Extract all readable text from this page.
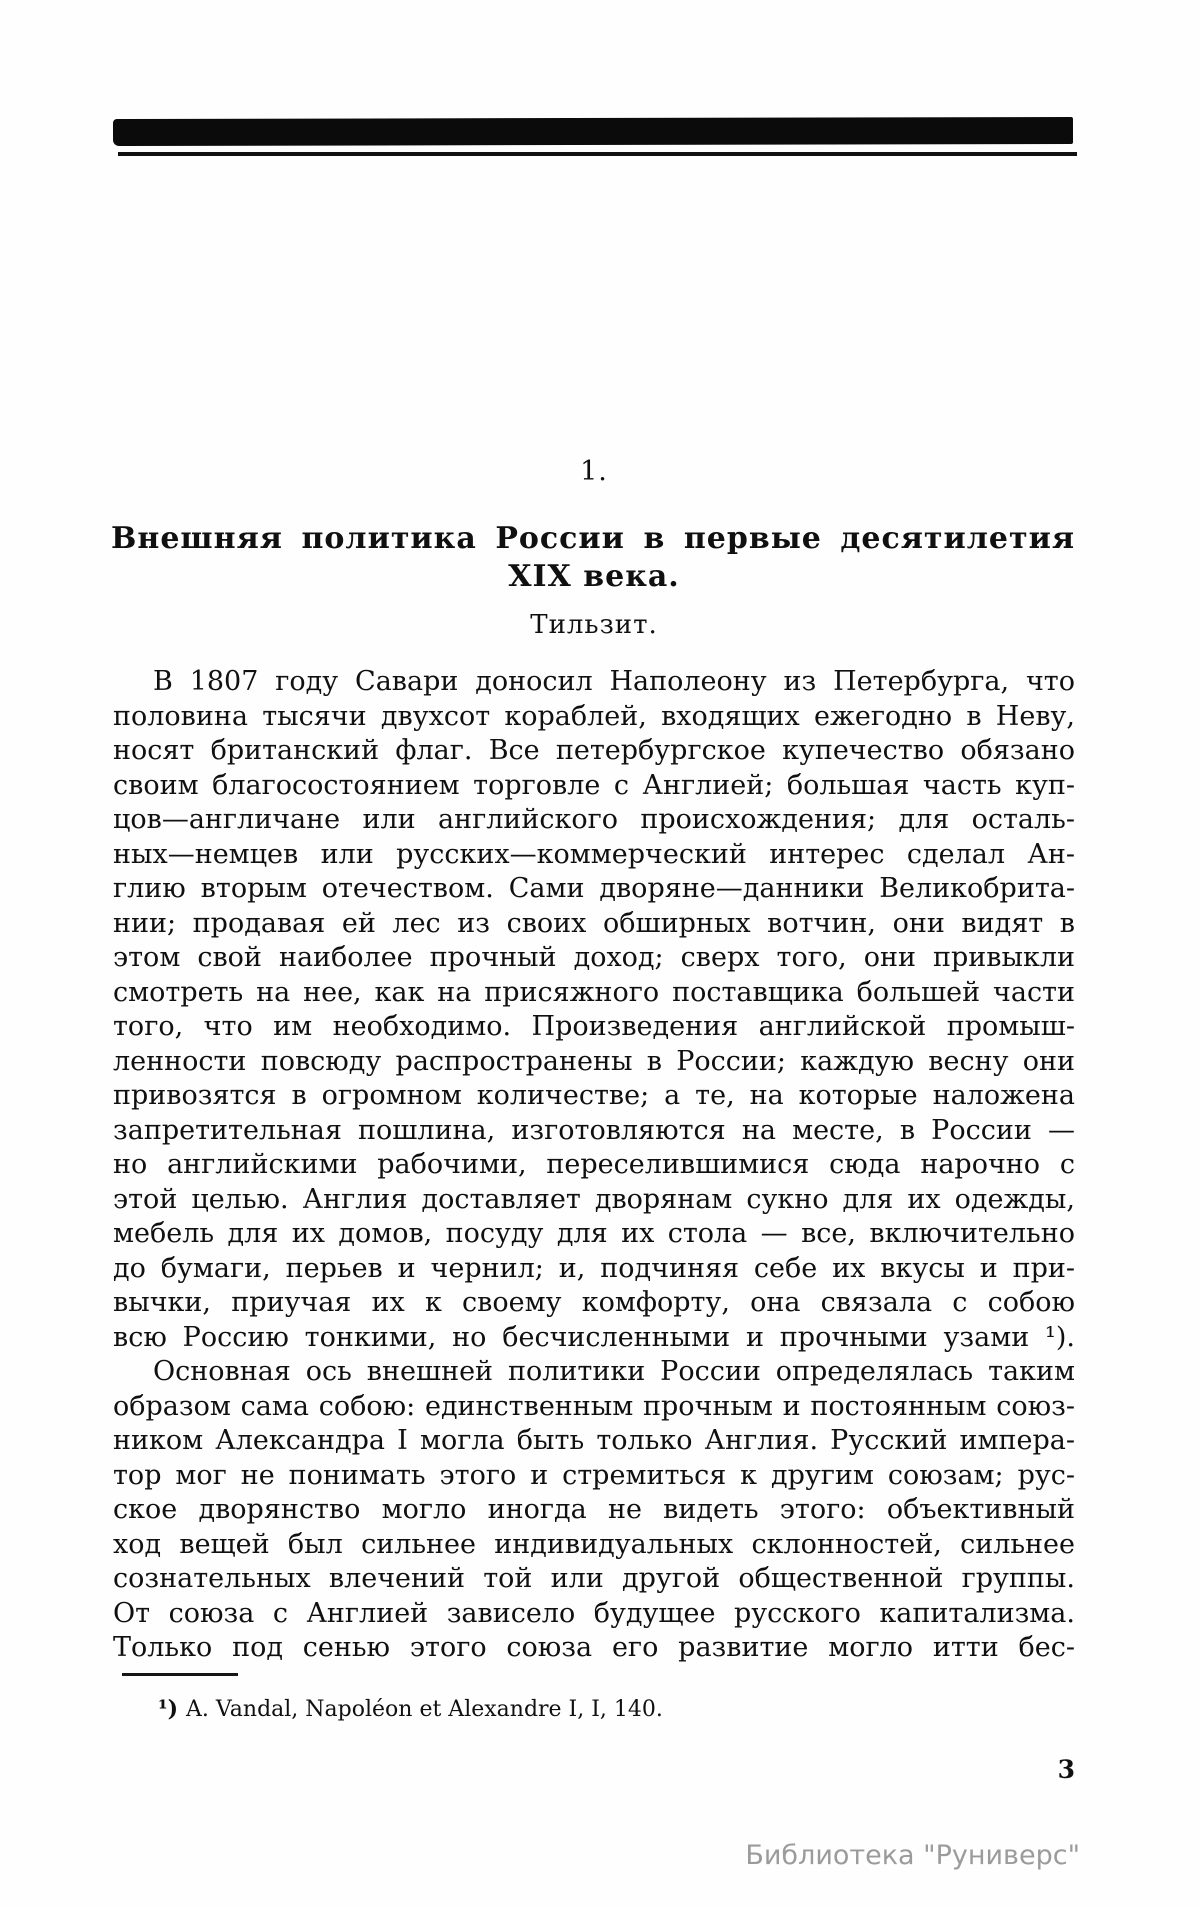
1.
Внешняя политика России в первые десятилетия
XIX века.
Тильзит.
В 1807 году Савари доносил Наполеону из Петербурга, что
половина тысячи двухсот кораблей, входящих ежегодно в Неву,
носят британский флаг. Все петербургское купечество обязано
своим благосостоянием торговле с Англией; большая часть куп-
цов—англичане или английского происхождения; для осталь-
ных—немцев или русских—коммерческий интерес сделал Ан-
глию вторым отечеством. Сами дворяне—данники Великобрита-
нии; продавая ей лес из своих обширных вотчин, они видят в
этом свой наиболее прочный доход; сверх того, они привыкли
смотреть на нее, как на присяжного поставщика большей части
того, что им необходимо. Произведения английской промыш-
ленности повсюду распространены в России; каждую весну они
привозятся в огромном количестве; а те, на которые наложена
запретительная пошлина, изготовляются на месте, в России —
но английскими рабочими, переселившимися сюда нарочно с
этой целью. Англия доставляет дворянам сукно для их одежды,
мебель для их домов, посуду для их стола — все, включительно
до бумаги, перьев и чернил; и, подчиняя себе их вкусы и при-
вычки, приучая их к своему комфорту, она связала с собою
всю Россию тонкими, но бесчисленными и прочными узами ¹).
Основная ось внешней политики России определялась таким
образом сама собою: единственным прочным и постоянным союз-
ником Александра I могла быть только Англия. Русский импера-
тор мог не понимать этого и стремиться к другим союзам; рус-
ское дворянство могло иногда не видеть этого: объективный
ход вещей был сильнее индивидуальных склонностей, сильнее
сознательных влечений той или другой общественной группы.
От союза с Англией зависело будущее русского капитализма.
Только под сенью этого союза его развитие могло итти бес-
¹) A. Vandal, Napoléon et Alexandre I, I, 140.
3
Библиотека "Руниверс"
